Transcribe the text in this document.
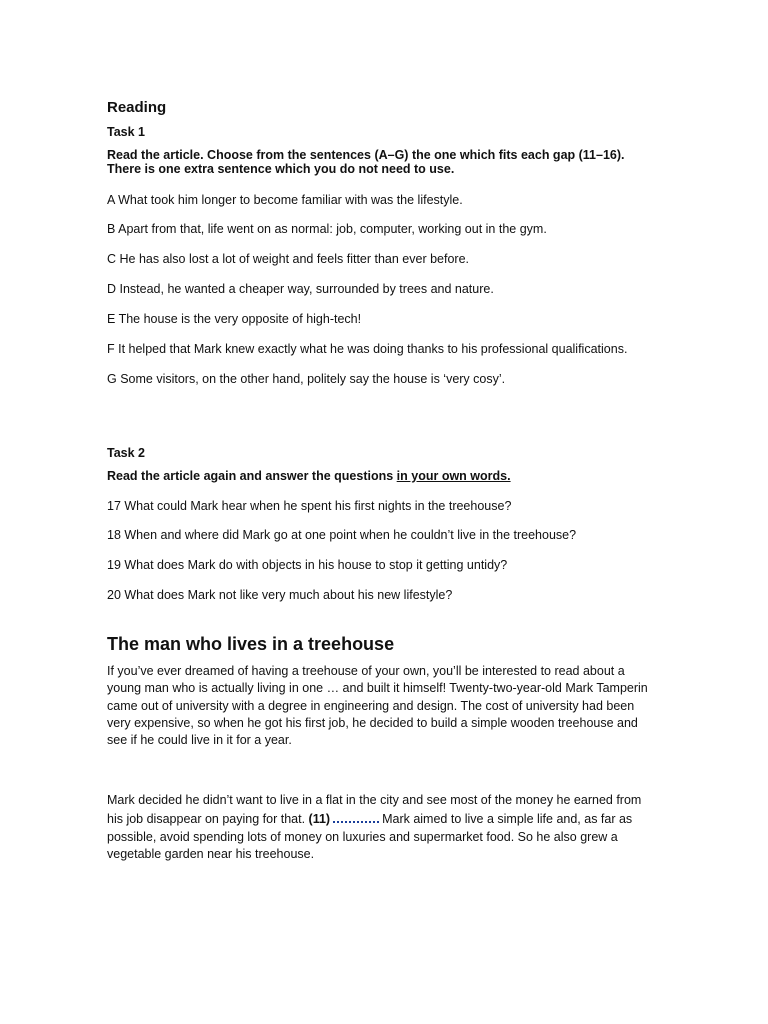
Reading
Task 1
Read the article. Choose from the sentences (A–G) the one which fits each gap (11–16).
There is one extra sentence which you do not need to use.
A What took him longer to become familiar with was the lifestyle.
B Apart from that, life went on as normal: job, computer, working out in the gym.
C He has also lost a lot of weight and feels fitter than ever before.
D Instead, he wanted a cheaper way, surrounded by trees and nature.
E The house is the very opposite of high-tech!
F It helped that Mark knew exactly what he was doing thanks to his professional qualifications.
G Some visitors, on the other hand, politely say the house is ‘very cosy’.
Task 2
Read the article again and answer the questions in your own words.
17 What could Mark hear when he spent his first nights in the treehouse?
18 When and where did Mark go at one point when he couldn’t live in the treehouse?
19 What does Mark do with objects in his house to stop it getting untidy?
20 What does Mark not like very much about his new lifestyle?
The man who lives in a treehouse
If you’ve ever dreamed of having a treehouse of your own, you’ll be interested to read about a
young man who is actually living in one … and built it himself! Twenty-two-year-old Mark Tamperin
came out of university with a degree in engineering and design. The cost of university had been
very expensive, so when he got his first job, he decided to build a simple wooden treehouse and
see if he could live in it for a year.
Mark decided he didn’t want to live in a flat in the city and see most of the money he earned from
his job disappear on paying for that. (11)	Mark aimed to live a simple life and, as far as
possible, avoid spending lots of money on luxuries and supermarket food. So he also grew a
vegetable garden near his treehouse.
